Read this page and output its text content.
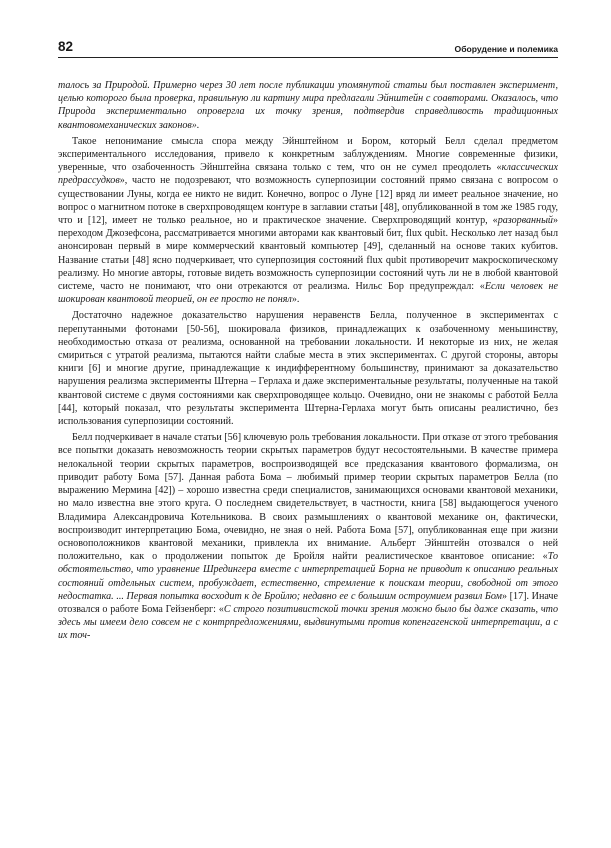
82	Оборудение и полемика

талось за Природой. Примерно через 30 лет после публикации упомянутой статьи был поставлен эксперимент, целью которого была проверка, правильную ли картину мира предлагали Эйнштейн с соавторами. Оказалось, что Природа экспериментально опровергла их точку зрения, подтвердив справедливость традиционных квантовомеханических законов».

Такое непонимание смысла спора между Эйнштейном и Бором, который Белл сделал предметом экспериментального исследования, привело к конкретным заблуждениям. Многие современные физики, уверенные, что озабоченность Эйнштейна связана только с тем, что он не сумел преодолеть «классических предрассудков», часто не подозревают, что возможность суперпозиции состояний прямо связана с вопросом о существовании Луны, когда ее никто не видит. Конечно, вопрос о Луне [12] вряд ли имеет реальное значение, но вопрос о магнитном потоке в сверхпроводящем контуре в заглавии статьи [48], опубликованной в том же 1985 году, что и [12], имеет не только реальное, но и практическое значение. Сверхпроводящий контур, «разорванный» переходом Джозефсона, рассматривается многими авторами как квантовый бит, flux qubit. Несколько лет назад был анонсирован первый в мире коммерческий квантовый компьютер [49], сделанный на основе таких кубитов. Название статьи [48] ясно подчеркивает, что суперпозиция состояний flux qubit противоречит макроскопическому реализму. Но многие авторы, готовые видеть возможность суперпозиции состояний чуть ли не в любой квантовой системе, часто не понимают, что они отрекаются от реализма. Нильс Бор предупреждал: «Если человек не шокирован квантовой теорией, он ее просто не понял».

Достаточно надежное доказательство нарушения неравенств Белла, полученное в экспериментах с перепутанными фотонами [50-56], шокировала физиков, принадлежащих к озабоченному меньшинству, необходимостью отказа от реализма, основанной на требовании локальности. И некоторые из них, не желая смириться с утратой реализма, пытаются найти слабые места в этих экспериментах. С другой стороны, авторы книги [6] и многие другие, принадлежащие к индифферентному большинству, принимают за доказательство нарушения реализма эксперименты Штерна – Герлаха и даже экспериментальные результаты, полученные на такой квантовой системе с двумя состояниями как сверхпроводящее кольцо. Очевидно, они не знакомы с работой Белла [44], который показал, что результаты эксперимента Штерна-Герлаха могут быть описаны реалистично, без использования суперпозиции состояний.

Белл подчеркивает в начале статьи [56] ключевую роль требования локальности. При отказе от этого требования все попытки доказать невозможность теории скрытых параметров будут несостоятельными. В качестве примера нелокальной теории скрытых параметров, воспроизводящей все предсказания квантового формализма, он приводит работу Бома [57]. Данная работа Бома – любимый пример теории скрытых параметров Белла (по выражению Мермина [42]) – хорошо известна среди специалистов, занимающихся основами квантовой механики, но мало известна вне этого круга. О последнем свидетельствует, в частности, книга [58] выдающегося ученого Владимира Александровича Котельникова. В своих размышлениях о квантовой механике он, фактически, воспроизводит интерпретацию Бома, очевидно, не зная о ней. Работа Бома [57], опубликованная еще при жизни основоположников квантовой механики, привлекла их внимание. Альберт Эйнштейн отозвался о ней положительно, как о продолжении попыток де Бройля найти реалистическое квантовое описание: «То обстоятельство, что уравнение Шредингера вместе с интерпретацией Борна не приводит к описанию реальных состояний отдельных систем, пробуждает, естественно, стремление к поискам теории, свободной от этого недостатка. ... Первая попытка восходит к де Бройлю; недавно ее с большим остроумием развил Бом» [17]. Иначе отозвался о работе Бома Гейзенберг: «С строго позитивистской точки зрения можно было бы даже сказать, что здесь мы имеем дело совсем не с контрпредложениями, выдвинутыми против копенгагенской интерпретации, а с их точ-
